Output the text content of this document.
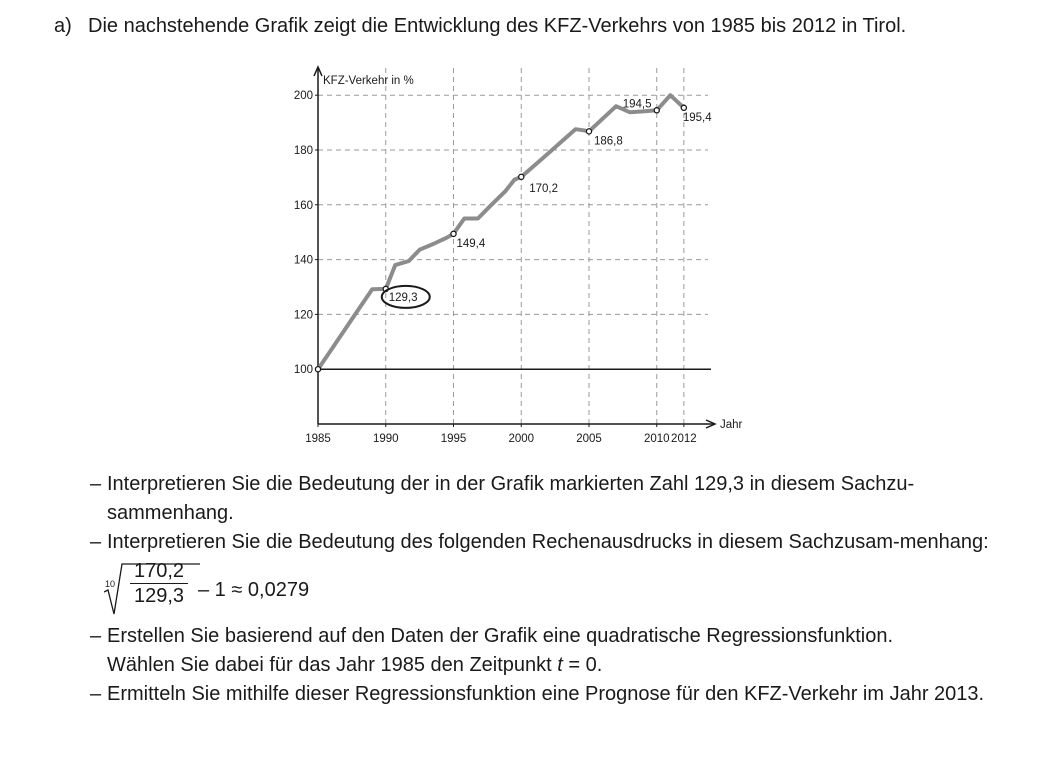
a) Die nachstehende Grafik zeigt die Entwicklung des KFZ-Verkehrs von 1985 bis 2012 in Tirol.
100
120
140
160
180
200
1985	1990	1995	2000	2005	2010 2012
129,3
149,4
170,2
186,8
194,5
195,4
KFZ-Verkehr in %
Jahr
– Interpretieren Sie die Bedeutung der in der Grafik markierten Zahl 129,3 in diesem Sachzu-sammenhang.
– Interpretieren Sie die Bedeutung des folgenden Rechenausdrucks in diesem Sachzusam-menhang:
$10 \frac{170,2}{129,3} - 1 \approx 0,0279$
– Erstellen Sie basierend auf den Daten der Grafik eine quadratische Regressionsfunktion.
Wählen Sie dabei für das Jahr 1985 den Zeitpunkt t = 0.
– Ermitteln Sie mithilfe dieser Regressionsfunktion eine Prognose für den KFZ-Verkehr im Jahr 2013.
